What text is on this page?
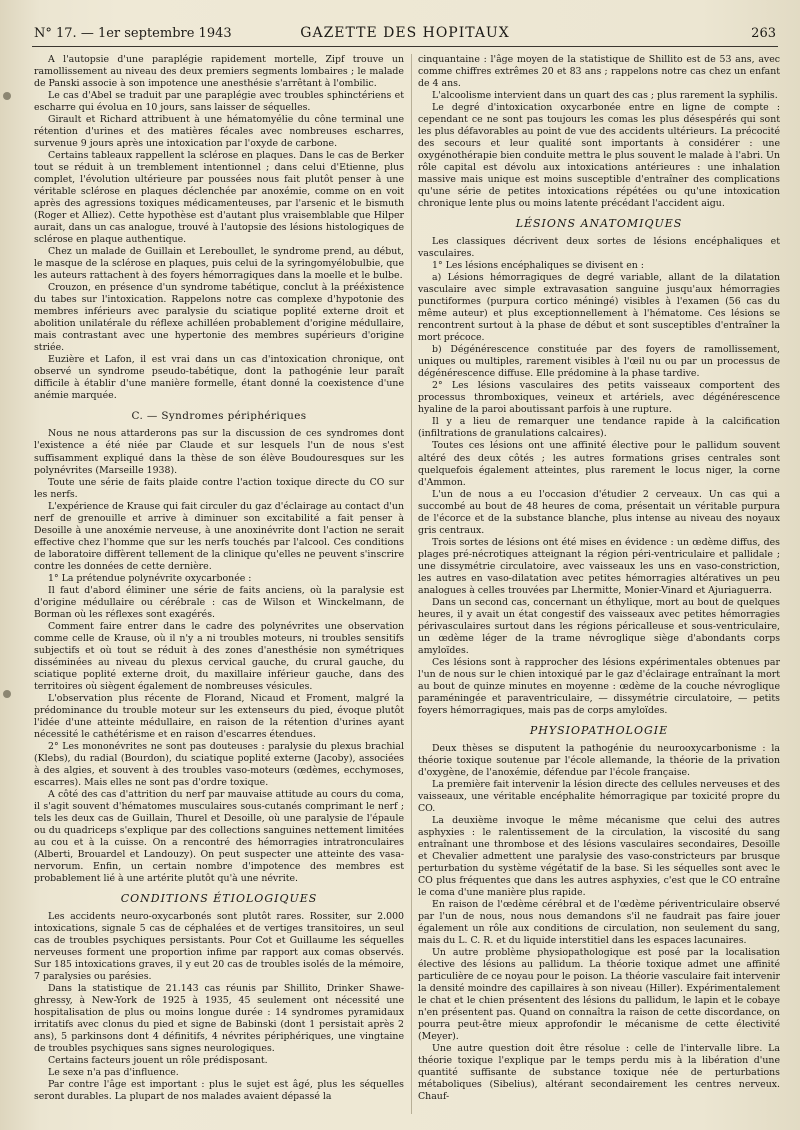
N° 17. — 1er septembre 1943	GAZETTE DES HOPITAUX	263

A l'autopsie d'une paraplégie rapidement mortelle, Zipf trouve un ramollissement au niveau des deux premiers segments lombaires ; le malade de Panski associe à son impotence une anesthésie s'arrêtant à l'ombilic.

Le cas d'Abel se traduit par une paraplégie avec troubles sphinctériens et escharre qui évolua en 10 jours, sans laisser de séquelles.

Girault et Richard attribuent à une hématomyélie du cône terminal une rétention d'urines et des matières fécales avec nombreuses escharres, survenue 9 jours après une intoxication par l'oxyde de carbone.

Certains tableaux rappellent la sclérose en plaques. Dans le cas de Berker tout se réduit à un tremblement intentionnel ; dans celui d'Etienne, plus complet, l'évolution ultérieure par poussées nous fait plutôt penser à une véritable sclérose en plaques déclenchée par anoxémie, comme on en voit après des agressions toxiques médicamenteuses, par l'arsenic et le bismuth (Roger et Alliez). Cette hypothèse est d'autant plus vraisemblable que Hilper aurait, dans un cas analogue, trouvé à l'autopsie des lésions histologiques de sclérose en plaque authentique.

Chez un malade de Guillain et Lereboullet, le syndrome prend, au début, le masque de la sclérose en plaques, puis celui de la syringomyélobulbie, que les auteurs rattachent à des foyers hémorragiques dans la moelle et le bulbe.

Crouzon, en présence d'un syndrome tabétique, conclut à la prééxistence du tabes sur l'intoxication. Rappelons notre cas complexe d'hypotonie des membres inférieurs avec paralysie du sciatique poplité externe droit et abolition unilatérale du réflexe achilléen probablement d'origine médullaire, mais contrastant avec une hypertonie des membres supérieurs d'origine striée.

Euzière et Lafon, il est vrai dans un cas d'intoxication chronique, ont observé un syndrome pseudo-tabétique, dont la pathogénie leur paraît difficile à établir d'une manière formelle, étant donné la coexistence d'une anémie marquée.

C. — Syndromes périphériques

Nous ne nous attarderons pas sur la discussion de ces syndromes dont l'existence a été niée par Claude et sur lesquels l'un de nous s'est suffisamment expliqué dans la thèse de son élève Boudouresques sur les polynévrites (Marseille 1938).

Toute une série de faits plaide contre l'action toxique directe du CO sur les nerfs.

L'expérience de Krause qui fait circuler du gaz d'éclairage au contact d'un nerf de grenouille et arrive à diminuer son excitabilité a fait penser à Desoille à une anoxémie nerveuse, à une anoxinévrite dont l'action ne serait effective chez l'homme que sur les nerfs touchés par l'alcool. Ces conditions de laboratoire diffèrent tellement de la clinique qu'elles ne peuvent s'inscrire contre les données de cette dernière.

1° La prétendue polynévrite oxycarbonée :

Il faut d'abord éliminer une série de faits anciens, où la paralysie est d'origine médullaire ou cérébrale : cas de Wilson et Winckelmann, de Borman où les réflexes sont exagérés.

Comment faire entrer dans le cadre des polynévrites une observation comme celle de Krause, où il n'y a ni troubles moteurs, ni troubles sensitifs subjectifs et où tout se réduit à des zones d'anesthésie non symétriques disséminées au niveau du plexus cervical gauche, du crural gauche, du sciatique poplité externe droit, du maxillaire inférieur gauche, dans des territoires où siègent également de nombreuses vésicules.

L'observation plus récente de Florand, Nicaud et Froment, malgré la prédominance du trouble moteur sur les extenseurs du pied, évoque plutôt l'idée d'une atteinte médullaire, en raison de la rétention d'urines ayant nécessité le cathétérisme et en raison d'escarres étendues.

2° Les mononévrites ne sont pas douteuses : paralysie du plexus brachial (Klebs), du radial (Bourdon), du sciatique poplité externe (Jacoby), associées à des algies, et souvent à des troubles vaso-moteurs (œdèmes, ecchymoses, escarres). Mais elles ne sont pas d'ordre toxique.

A côté des cas d'attrition du nerf par mauvaise attitude au cours du coma, il s'agit souvent d'hématomes musculaires sous-cutanés comprimant le nerf ; tels les deux cas de Guillain, Thurel et Desoille, où une paralysie de l'épaule ou du quadriceps s'explique par des collections sanguines nettement limitées au cou et à la cuisse. On a rencontré des hémorragies intratronculaires (Alberti, Brouardel et Landouzy). On peut suspecter une atteinte des vasa-nervorum. Enfin, un certain nombre d'impotence des membres est probablement lié à une artérite plutôt qu'à une névrite.

CONDITIONS ÉTIOLOGIQUES

Les accidents neuro-oxycarbonés sont plutôt rares. Rossiter, sur 2.000 intoxications, signale 5 cas de céphalées et de vertiges transitoires, un seul cas de troubles psychiques persistants. Pour Cot et Guillaume les séquelles nerveuses forment une proportion infime par rapport aux comas observés. Sur 185 intoxications graves, il y eut 20 cas de troubles isolés de la mémoire, 7 paralysies ou parésies.

Dans la statistique de 21.143 cas réunis par Shillito, Drinker Shawe-ghressy, à New-York de 1925 à 1935, 45 seulement ont nécessité une hospitalisation de plus ou moins longue durée : 14 syndromes pyramidaux irritatifs avec clonus du pied et signe de Babinski (dont 1 persistait après 2 ans), 5 parkinsons dont 4 définitifs, 4 névrites périphériques, une vingtaine de troubles psychiques sans signes neurologiques.

Certains facteurs jouent un rôle prédisposant.

Le sexe n'a pas d'influence.

Par contre l'âge est important : plus le sujet est âgé, plus les séquelles seront durables. La plupart de nos malades avaient dépassé la

cinquantaine : l'âge moyen de la statistique de Shillito est de 53 ans, avec comme chiffres extrêmes 20 et 83 ans ; rappelons notre cas chez un enfant de 4 ans.

L'alcoolisme intervient dans un quart des cas ; plus rarement la syphilis.

Le degré d'intoxication oxycarbonée entre en ligne de compte : cependant ce ne sont pas toujours les comas les plus désespérés qui sont les plus défavorables au point de vue des accidents ultérieurs. La précocité des secours et leur qualité sont importants à considérer : une oxygénothérapie bien conduite mettra le plus souvent le malade à l'abri. Un rôle capital est dévolu aux intoxications antérieures : une inhalation massive mais unique est moins susceptible d'entraîner des complications qu'une série de petites intoxications répétées ou qu'une intoxication chronique lente plus ou moins latente précédant l'accident aigu.

LÉSIONS ANATOMIQUES

Les classiques décrivent deux sortes de lésions encéphaliques et vasculaires.

1° Les lésions encéphaliques se divisent en :

a) Lésions hémorragiques de degré variable, allant de la dilatation vasculaire avec simple extravasation sanguine jusqu'aux hémorragies punctiformes (purpura cortico méningé) visibles à l'examen (56 cas du même auteur) et plus exceptionnellement à l'hématome. Ces lésions se rencontrent surtout à la phase de début et sont susceptibles d'entraîner la mort précoce.

b) Dégénérescence constituée par des foyers de ramollissement, uniques ou multiples, rarement visibles à l'œil nu ou par un processus de dégénérescence diffuse. Elle prédomine à la phase tardive.

2° Les lésions vasculaires des petits vaisseaux comportent des processus thromboxiques, veineux et artériels, avec dégénérescence hyaline de la paroi aboutissant parfois à une rupture.

Il y a lieu de remarquer une tendance rapide à la calcification (infiltrations de granulations calcaires).

Toutes ces lésions ont une affinité élective pour le pallidum souvent altéré des deux côtés ; les autres formations grises centrales sont quelquefois également atteintes, plus rarement le locus niger, la corne d'Ammon.

L'un de nous a eu l'occasion d'étudier 2 cerveaux. Un cas qui a succombé au bout de 48 heures de coma, présentait un véritable purpura de l'écorce et de la substance blanche, plus intense au niveau des noyaux gris centraux.

Trois sortes de lésions ont été mises en évidence : un œdème diffus, des plages pré-nécrotiques atteignant la région péri-ventriculaire et pallidale ; une dissymétrie circulatoire, avec vaisseaux les uns en vaso-constriction, les autres en vaso-dilatation avec petites hémorragies altératives un peu analogues à celles trouvées par Lhermitte, Monier-Vinard et Ajuriaguerra.

Dans un second cas, concernant un éthylique, mort au bout de quelques heures, il y avait un état congestif des vaisseaux avec petites hémorragies périvasculaires surtout dans les régions péricalleuse et sous-ventriculaire, un œdème léger de la trame névroglique siège d'abondants corps amyloïdes.

Ces lésions sont à rapprocher des lésions expérimentales obtenues par l'un de nous sur le chien intoxiqué par le gaz d'éclairage entraînant la mort au bout de quinze minutes en moyenne : œdème de la couche névroglique paraméningée et paraventriculaire, — dissymétrie circulatoire, — petits foyers hémorragiques, mais pas de corps amyloïdes.

PHYSIOPATHOLOGIE

Deux thèses se disputent la pathogénie du neurooxycarbonisme : la théorie toxique soutenue par l'école allemande, la théorie de la privation d'oxygène, de l'anoxémie, défendue par l'école française.

La première fait intervenir la lésion directe des cellules nerveuses et des vaisseaux, une véritable encéphalite hémorragique par toxicité propre du CO.

La deuxième invoque le même mécanisme que celui des autres asphyxies : le ralentissement de la circulation, la viscosité du sang entraînant une thrombose et des lésions vasculaires secondaires, Desoille et Chevalier admettent une paralysie des vaso-constricteurs par brusque perturbation du système végétatif de la base. Si les séquelles sont avec le CO plus fréquentes que dans les autres asphyxies, c'est que le CO entraîne le coma d'une manière plus rapide.

En raison de l'œdème cérébral et de l'œdème périventriculaire observé par l'un de nous, nous nous demandons s'il ne faudrait pas faire jouer également un rôle aux conditions de circulation, non seulement du sang, mais du L. C. R. et du liquide interstitiel dans les espaces lacunaires.

Un autre problème physiopathologique est posé par la localisation élective des lésions au pallidum. La théorie toxique admet une affinité particulière de ce noyau pour le poison. La théorie vasculaire fait intervenir la densité moindre des capillaires à son niveau (Hiller). Expérimentalement le chat et le chien présentent des lésions du pallidum, le lapin et le cobaye n'en présentent pas. Quand on connaîtra la raison de cette discordance, on pourra peut-être mieux approfondir le mécanisme de cette électivité (Meyer).

Une autre question doit être résolue : celle de l'intervalle libre. La théorie toxique l'explique par le temps perdu mis à la libération d'une quantité suffisante de substance toxique née de perturbations métaboliques (Sibelius), altérant secondairement les centres nerveux. Chauf-
